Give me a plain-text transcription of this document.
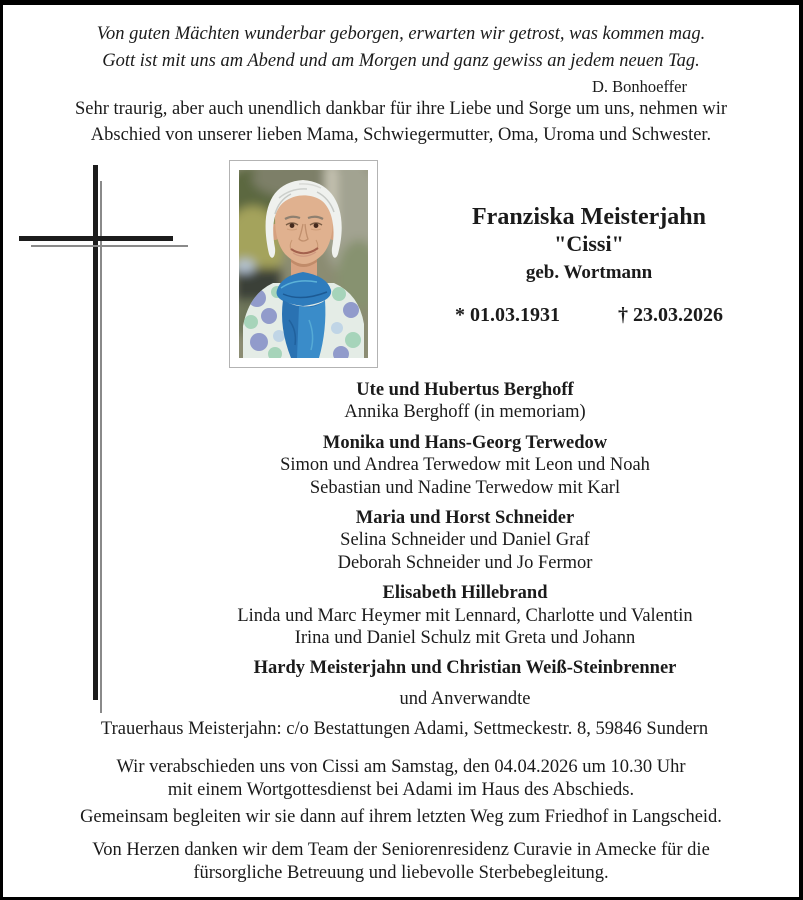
Von guten Mächten wunderbar geborgen, erwarten wir getrost, was kommen mag.
Gott ist mit uns am Abend und am Morgen und ganz gewiss an jedem neuen Tag.
D. Bonhoeffer
Sehr traurig, aber auch unendlich dankbar für ihre Liebe und Sorge um uns, nehmen wir
Abschied von unserer lieben Mama, Schwiegermutter, Oma, Uroma und Schwester.
Franziska Meisterjahn
"Cissi"
geb. Wortmann
* 01.03.1931	† 23.03.2026
Ute und Hubertus Berghoff
Annika Berghoff (in memoriam)
Monika und Hans-Georg Terwedow
Simon und Andrea Terwedow mit Leon und Noah
Sebastian und Nadine Terwedow mit Karl
Maria und Horst Schneider
Selina Schneider und Daniel Graf
Deborah Schneider und Jo Fermor
Elisabeth Hillebrand
Linda und Marc Heymer mit Lennard, Charlotte und Valentin
Irina und Daniel Schulz mit Greta und Johann
Hardy Meisterjahn und Christian Weiß-Steinbrenner
und Anverwandte
Trauerhaus Meisterjahn: c/o Bestattungen Adami, Settmeckestr. 8, 59846 Sundern
Wir verabschieden uns von Cissi am Samstag, den 04.04.2026 um 10.30 Uhr
mit einem Wortgottesdienst bei Adami im Haus des Abschieds.
Gemeinsam begleiten wir sie dann auf ihrem letzten Weg zum Friedhof in Langscheid.
Von Herzen danken wir dem Team der Seniorenresidenz Curavie in Amecke für die
fürsorgliche Betreuung und liebevolle Sterbebegleitung.
